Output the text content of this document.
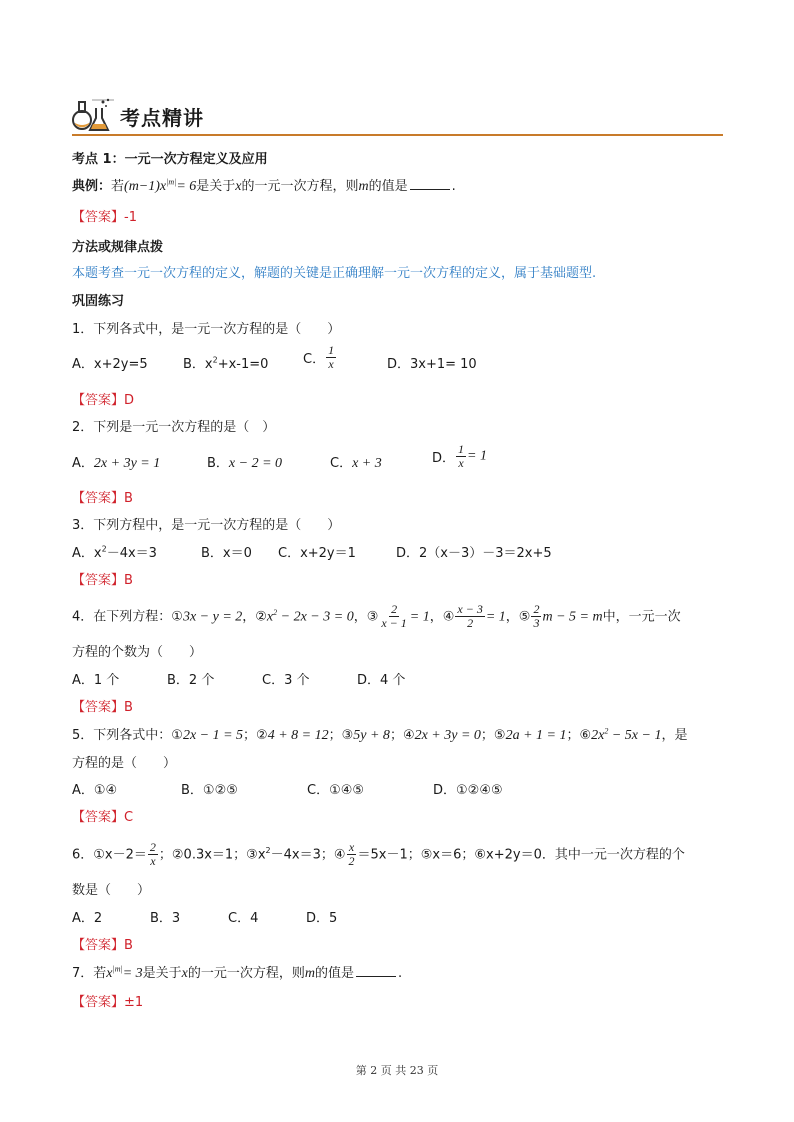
考点精讲
考点 1：一元一次方程定义及应用
典例：若$(m-1)x^{|m|}= 6$是关于x的一元一次方程，则m的值是	.
【答案】-1
方法或规律点拨
本题考查一元一次方程的定义，解题的关键是正确理解一元一次方程的定义，属于基础题型.
巩固练习
1．下列各式中，是一元一次方程的是（　　）
A．x+2y=5	B．$x^2+x-1=0$	C． $\frac{1}{x}$	D．3x+1= 10
【答案】D
2．下列是一元一次方程的是（　）
A．2x + 3y = 1	B．x − 2 = 0	C．x + 3	D． $\frac{1}{x} = 1$
【答案】B
3．下列方程中，是一元一次方程的是（　　）
A．$x^2-4x=3$	B．x＝0 C．x+2y＝1	D．2（x－3）－3＝2x+5
【答案】B
4．在下列方程：①3x − y = 2，$②x^2 - 2x - 3 = 0$，③ $\frac{2}{x - 1} = 1$，④ $\frac{x - 3}{2} = 1$，⑤ $\frac{2}{3}$ m − 5 = m中，一元一次
方程的个数为（　　）
A．1 个	B．2 个	C．3 个	D．4 个
【答案】B
5．下列各式中：①2x − 1 = 5；②4 + 8 = 12；③5y + 8；④2x + 3y = 0；⑤2a + 1 = 1；$⑥2x^2 - 5x - 1$，是
方程的是（　　）
A．①④	B．①②⑤	C．①④⑤	D．①②④⑤
【答案】C
6．①x－2＝ $\frac{2}{x}$ ；②0.3x＝1；$③x^2-4x=3$；④ $\frac{x}{2} =5x-1$；⑤x＝6；⑥x+2y＝0．其中一元一次方程的个
数是（　　）
A．2	B．3	C．4	D．5
【答案】B
7．若$x^{|m|}= 3$是关于x的一元一次方程，则m的值是	.
【答案】±1
第 2 页 共 23 页
